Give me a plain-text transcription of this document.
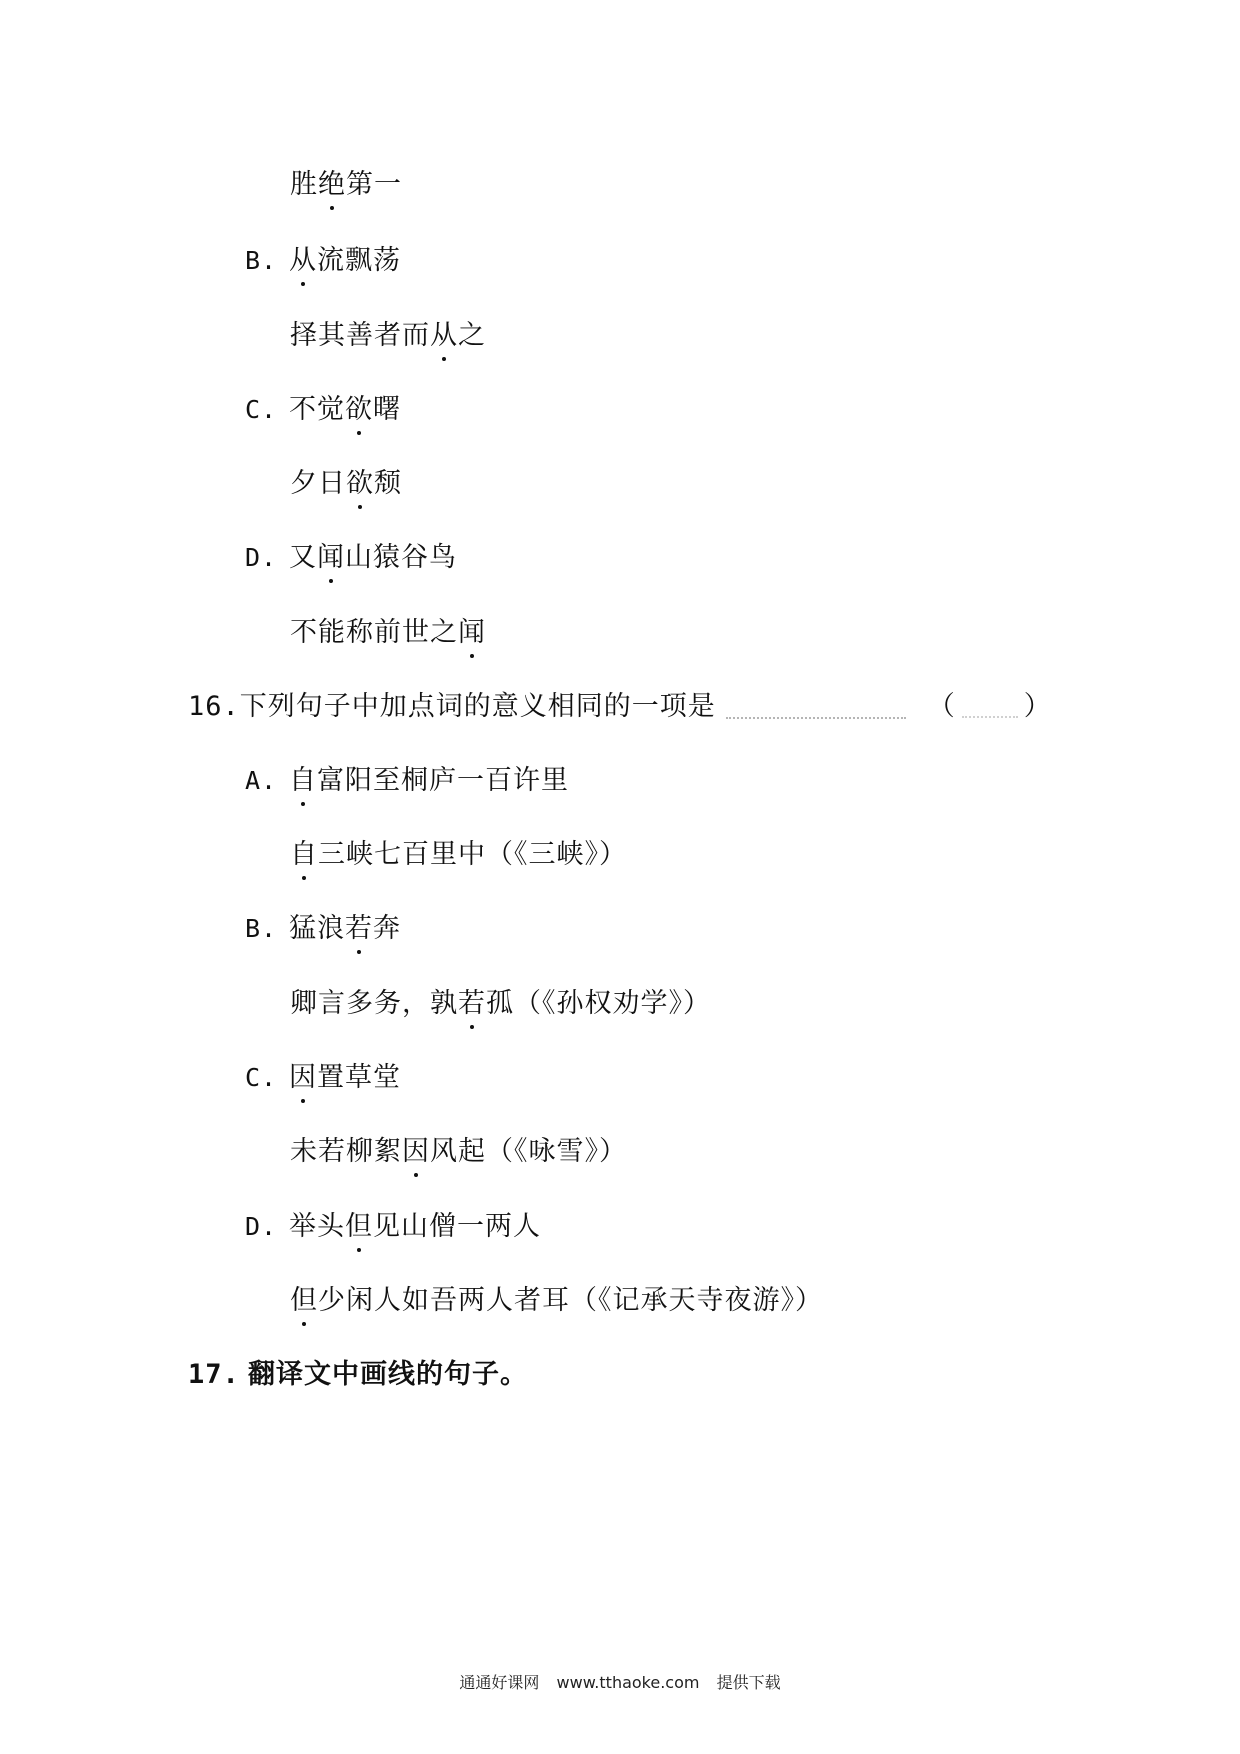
胜绝第一
B. 从流飘荡
择其善者而从之
C. 不觉欲曙
夕日欲颓
D. 又闻山猿谷鸟
不能称前世之闻
16.下列句子中加点词的意义相同的一项是	（	）
A. 自富阳至桐庐一百许里
自三峡七百里中（《三峡》）
B. 猛浪若奔
卿言多务，孰若孤（《孙权劝学》）
C. 因置草堂
未若柳絮因风起（《咏雪》）
D. 举头但见山僧一两人
但少闲人如吾两人者耳（《记承天寺夜游》）
17. 翻译文中画线的句子。
通通好课网 www.tthaoke.com 提供下载
